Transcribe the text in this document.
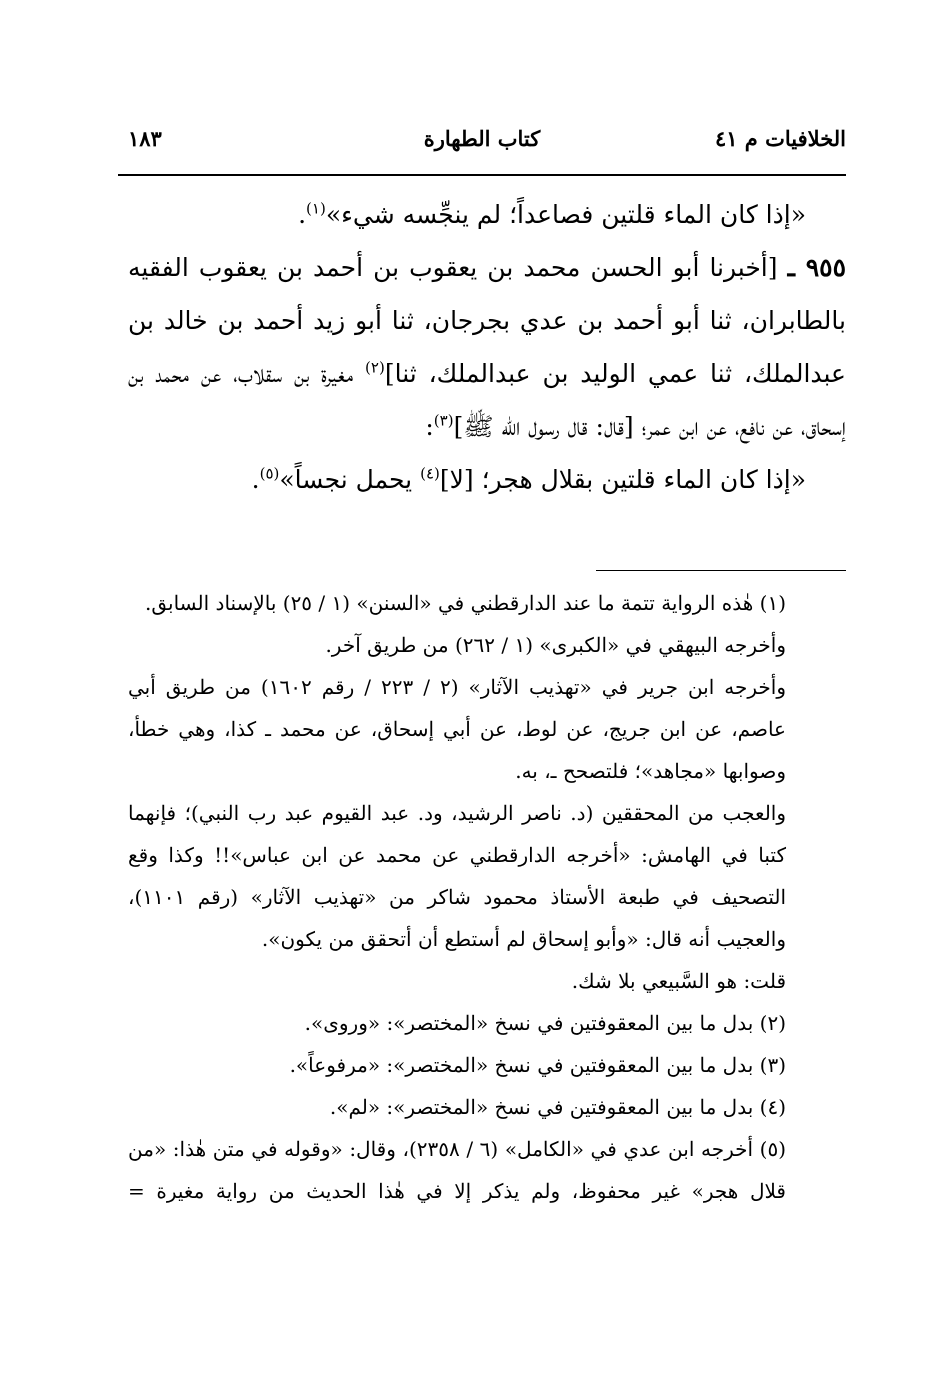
الخلافيات م ٤١
كتاب الطهارة
١٨٣

«إذا كان الماء قلتين فصاعداً؛ لم ينجِّسه شيء»$^{(١)}$.

٩٥٥ ـ [أخبرنا أبو الحسن محمد بن يعقوب بن أحمد بن يعقوب الفقيه بالطابران، ثنا أبو أحمد بن عدي بجرجان، ثنا أبو زيد أحمد بن خالد بن عبدالملك، ثنا عمي الوليد بن عبدالملك، ثنا]$^{(٢)}$ مغيرة بن سقلاب، عن محمد بن إسحاق، عن نافع، عن ابن عمر؛ [قال: قال رسول الله ﷺ]$^{(٣)}$:

«إذا كان الماء قلتين بقلال هجر؛ [لا]$^{(٤)}$ يحمل نجساً»$^{(٥)}$.

(١) هٰذه الرواية تتمة ما عند الدارقطني في «السنن» (١ / ٢٥) بالإسناد السابق.

وأخرجه البيهقي في «الكبرى» (١ / ٢٦٢) من طريق آخر.

وأخرجه ابن جرير في «تهذيب الآثار» (٢ / ٢٢٣ / رقم ١٦٠٢) من طريق أبي عاصم، عن ابن جريج، عن لوط، عن أبي إسحاق، عن محمد ـ كذا، وهي خطأ، وصوابها «مجاهد»؛ فلتصحح ـ، به.

والعجب من المحققين (د. ناصر الرشيد، ود. عبد القيوم عبد رب النبي)؛ فإنهما كتبا في الهامش: «أخرجه الدارقطني عن محمد عن ابن عباس»!! وكذا وقع التصحيف في طبعة الأستاذ محمود شاكر من «تهذيب الآثار» (رقم ١١٠١)، والعجيب أنه قال: «وأبو إسحاق لم أستطع أن أتحقق من يكون».

قلت: هو السَّبيعي بلا شك.

(٢) بدل ما بين المعقوفتين في نسخ «المختصر»: «وروى».

(٣) بدل ما بين المعقوفتين في نسخ «المختصر»: «مرفوعاً».

(٤) بدل ما بين المعقوفتين في نسخ «المختصر»: «لم».

(٥) أخرجه ابن عدي في «الكامل» (٦ / ٢٣٥٨)، وقال: «وقوله في متن هٰذا: «من قلال هجر» غير محفوظ، ولم يذكر إلا في هٰذا الحديث من رواية مغيرة =
